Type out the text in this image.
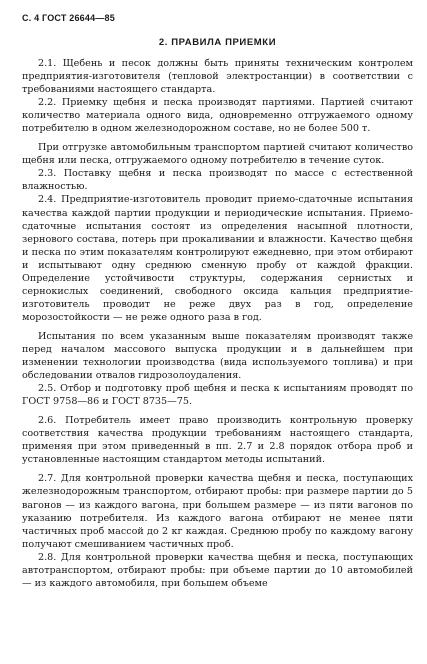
С. 4 ГОСТ 26644—85
2. ПРАВИЛА ПРИЕМКИ

2.1. Щебень и песок должны быть приняты техническим контролем предприятия-изготовителя (тепловой электростанции) в соответствии с требованиями настоящего стандарта.

2.2. Приемку щебня и песка производят партиями. Партией считают количество материала одного вида, одновременно отгружаемого одному потребителю в одном железнодорожном составе, но не более 500 т.

При отгрузке автомобильным транспортом партией считают количество щебня или песка, отгружаемого одному потребителю в течение суток.

2.3. Поставку щебня и песка производят по массе с естественной влажностью.

2.4. Предприятие-изготовитель проводит приемо-сдаточные испытания качества каждой партии продукции и периодические испытания. Приемо-сдаточные испытания состоят из определения насыпной плотности, зернового состава, потерь при прокаливании и влажности. Качество щебня и песка по этим показателям контролируют ежедневно, при этом отбирают и испытывают одну среднюю сменную пробу от каждой фракции. Определение устойчивости структуры, содержания сернистых и сернокислых соединений, свободного оксида кальция предприятие-изготовитель проводит не реже двух раз в год, определение морозостойкости — не реже одного раза в год.

Испытания по всем указанным выше показателям производят также перед началом массового выпуска продукции и в дальнейшем при изменении технологии производства (вида используемого топлива) и при обследовании отвалов гидрозолоудаления.

2.5. Отбор и подготовку проб щебня и песка к испытаниям проводят по ГОСТ 9758—86 и ГОСТ 8735—75.

2.6. Потребитель имеет право производить контрольную проверку соответствия качества продукции требованиям настоящего стандарта, применяя при этом приведенный в пп. 2.7 и 2.8 порядок отбора проб и установленные настоящим стандартом методы испытаний.

2.7. Для контрольной проверки качества щебня и песка, поступающих железнодорожным транспортом, отбирают пробы: при размере партии до 5 вагонов — из каждого вагона, при большем размере — из пяти вагонов по указанию потребителя. Из каждого вагона отбирают не менее пяти частичных проб массой до 2 кг каждая. Среднюю пробу по каждому вагону получают смешиванием частичных проб.

2.8. Для контрольной проверки качества щебня и песка, поступающих автотранспортом, отбирают пробы: при объеме партии до 10 автомобилей — из каждого автомобиля, при большем объеме
